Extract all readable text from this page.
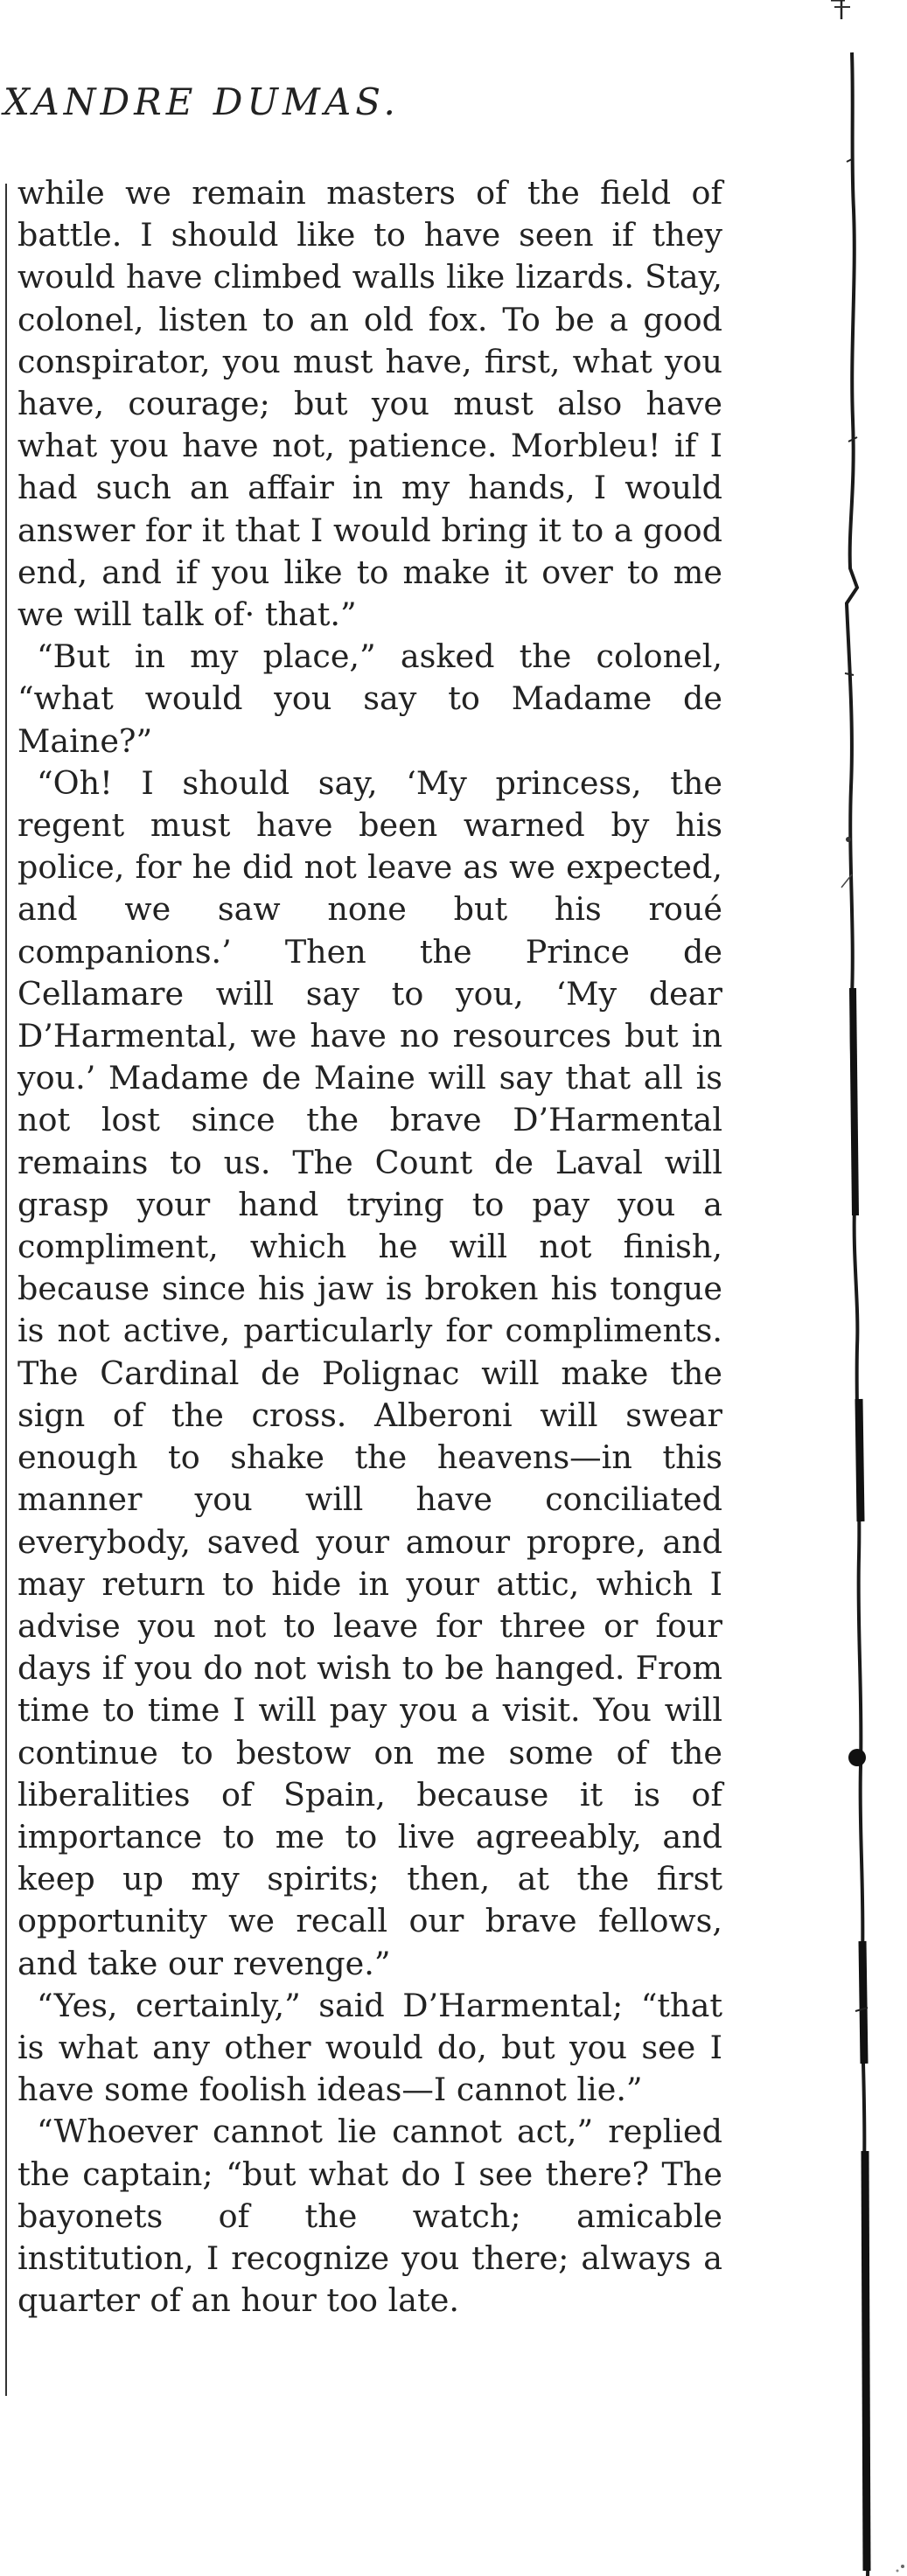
XANDRE DUMAS.

while we remain masters of the field of battle. I should like to have seen if they would have climbed walls like lizards. Stay, colonel, listen to an old fox. To be a good conspirator, you must have, first, what you have, courage; but you must also have what you have not, patience. Morbleu! if I had such an affair in my hands, I would answer for it that I would bring it to a good end, and if you like to make it over to me we will talk of· that.”

“But in my place,” asked the colonel, “what would you say to Madame de Maine?”

“Oh! I should say, ‘My princess, the regent must have been warned by his police, for he did not leave as we expected, and we saw none but his roué companions.’ Then the Prince de Cellamare will say to you, ‘My dear D’Harmental, we have no resources but in you.’ Madame de Maine will say that all is not lost since the brave D’Harmental remains to us. The Count de Laval will grasp your hand trying to pay you a compliment, which he will not finish, because since his jaw is broken his tongue is not active, particularly for compliments. The Cardinal de Polignac will make the sign of the cross. Alberoni will swear enough to shake the heavens—in this manner you will have conciliated everybody, saved your amour propre, and may return to hide in your attic, which I advise you not to leave for three or four days if you do not wish to be hanged. From time to time I will pay you a visit. You will continue to bestow on me some of the liberalities of Spain, because it is of importance to me to live agreeably, and keep up my spirits; then, at the first opportunity we recall our brave fellows, and take our revenge.”

“Yes, certainly,” said D’Harmental; “that is what any other would do, but you see I have some foolish ideas—I cannot lie.”

“Whoever cannot lie cannot act,” replied the captain; “but what do I see there? The bayonets of the watch; amicable institution, I recognize you there; always a quarter of an hour too late.
